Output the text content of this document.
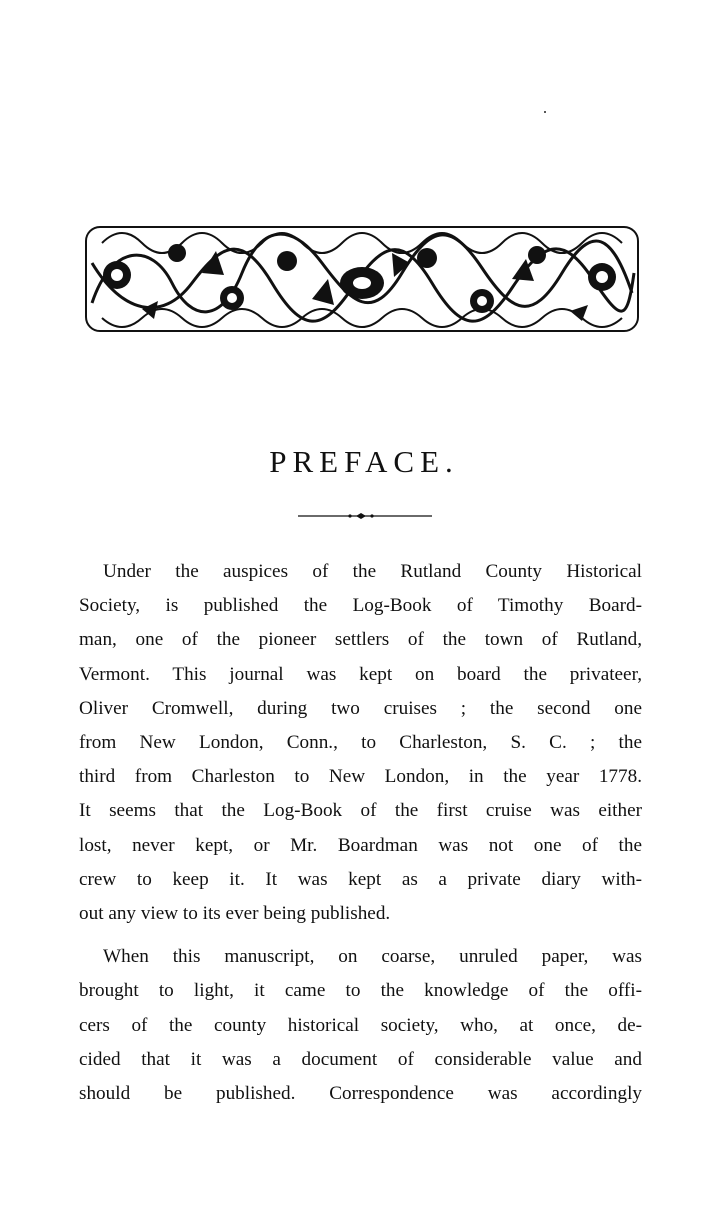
PREFACE.
Under the auspices of the Rutland County Historical
Society, is published the Log-Book of Timothy Board-
man, one of the pioneer settlers of the town of Rutland,
Vermont. This journal was kept on board the privateer,
Oliver Cromwell, during two cruises ; the second one
from New London, Conn., to Charleston, S. C. ; the
third from Charleston to New London, in the year 1778.
It seems that the Log-Book of the first cruise was either
lost, never kept, or Mr. Boardman was not one of the
crew to keep it. It was kept as a private diary with-
out any view to its ever being published.
When this manuscript, on coarse, unruled paper, was
brought to light, it came to the knowledge of the offi-
cers of the county historical society, who, at once, de-
cided that it was a document of considerable value and
should be published. Correspondence was accordingly
